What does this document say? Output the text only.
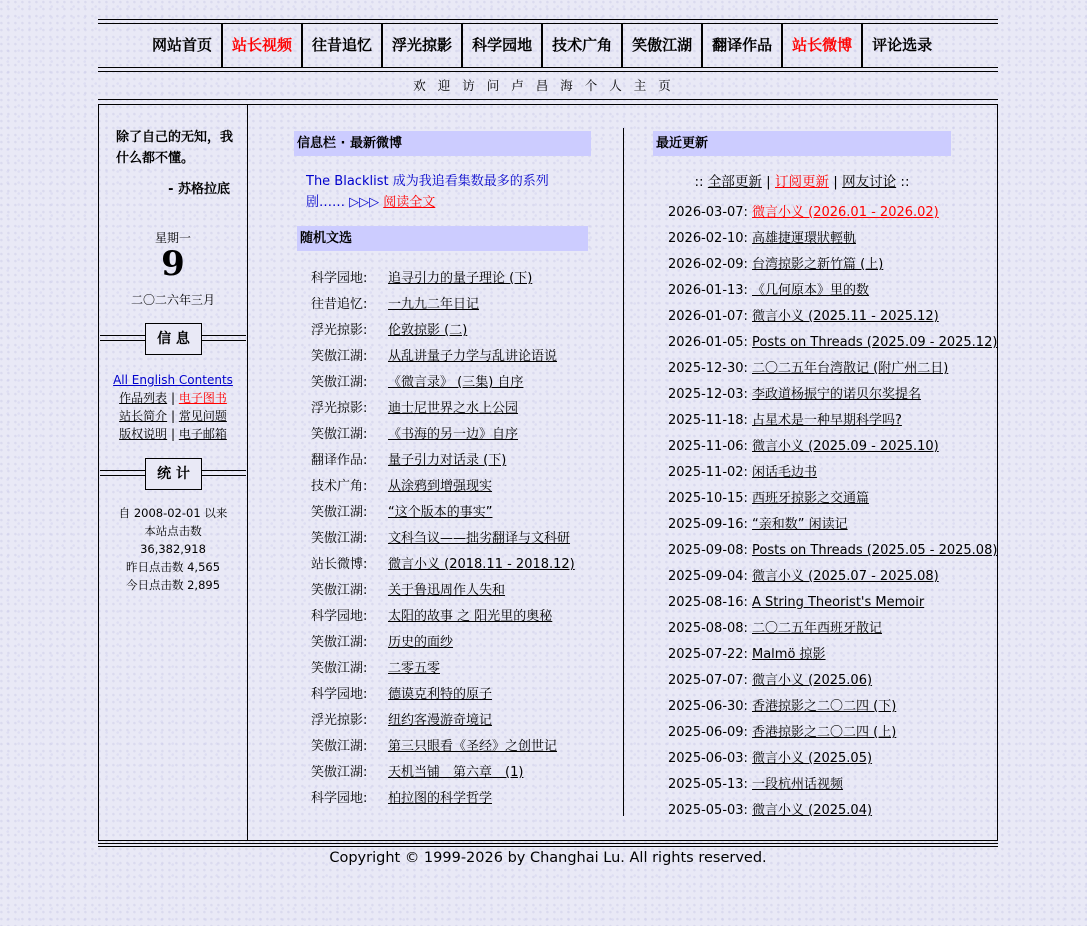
网站首页	站长视频	往昔追忆	浮光掠影	科学园地	技术广角	笑傲江湖	翻译作品	站长微博	评论选录
欢迎访问卢昌海个人主页
除了自己的无知，我什么都不懂。
- 苏格拉底
星期一
9
二〇二六年三月
信 息
All English Contents
作品列表 | 电子图书
站长简介 | 常见问题
版权说明 | 电子邮箱
统 计
自 2008-02-01 以来
本站点击数
36,382,918
昨日点击数 4,565
今日点击数 2,895
信息栏 · 最新微博
The Blacklist 成为我追看集数最多的系列剧…… ▷▷▷ 阅读全文
随机文选
科学园地: 追寻引力的量子理论 (下)
往昔追忆: 一九九二年日记
浮光掠影: 伦敦掠影 (二)
笑傲江湖: 从乱讲量子力学与乱讲论语说
笑傲江湖: 《微言录》 (三集) 自序
浮光掠影: 迪士尼世界之水上公园
笑傲江湖: 《书海的另一边》自序
翻译作品: 量子引力对话录 (下)
技术广角: 从涂鸦到增强现实
笑傲江湖: “这个版本的事实”
笑傲江湖: 文科刍议——拙劣翻译与文科研
站长微博: 微言小义 (2018.11 - 2018.12)
笑傲江湖: 关于鲁迅周作人失和
科学园地: 太阳的故事 之 阳光里的奥秘
笑傲江湖: 历史的面纱
笑傲江湖: 二零五零
科学园地: 德谟克利特的原子
浮光掠影: 纽约客漫游奇境记
笑傲江湖: 第三只眼看《圣经》之创世记
笑傲江湖: 天机当铺　第六章　(1)
科学园地: 柏拉图的科学哲学
最近更新
:: 全部更新 | 订阅更新 | 网友讨论 ::
2026-03-07: 微言小义 (2026.01 - 2026.02)
2026-02-10: 高雄捷運環狀輕軌
2026-02-09: 台湾掠影之新竹篇 (上)
2026-01-13: 《几何原本》里的数
2026-01-07: 微言小义 (2025.11 - 2025.12)
2026-01-05: Posts on Threads (2025.09 - 2025.12)
2025-12-30: 二〇二五年台湾散记 (附广州二日)
2025-12-03: 李政道杨振宁的诺贝尔奖提名
2025-11-18: 占星术是一种早期科学吗?
2025-11-06: 微言小义 (2025.09 - 2025.10)
2025-11-02: 闲话毛边书
2025-10-15: 西班牙掠影之交通篇
2025-09-16: “亲和数” 闲读记
2025-09-08: Posts on Threads (2025.05 - 2025.08)
2025-09-04: 微言小义 (2025.07 - 2025.08)
2025-08-16: A String Theorist's Memoir
2025-08-08: 二〇二五年西班牙散记
2025-07-22: Malmö 掠影
2025-07-07: 微言小义 (2025.06)
2025-06-30: 香港掠影之二〇二四 (下)
2025-06-09: 香港掠影之二〇二四 (上)
2025-06-03: 微言小义 (2025.05)
2025-05-13: 一段杭州话视频
2025-05-03: 微言小义 (2025.04)
Copyright © 1999-2026 by Changhai Lu. All rights reserved.
